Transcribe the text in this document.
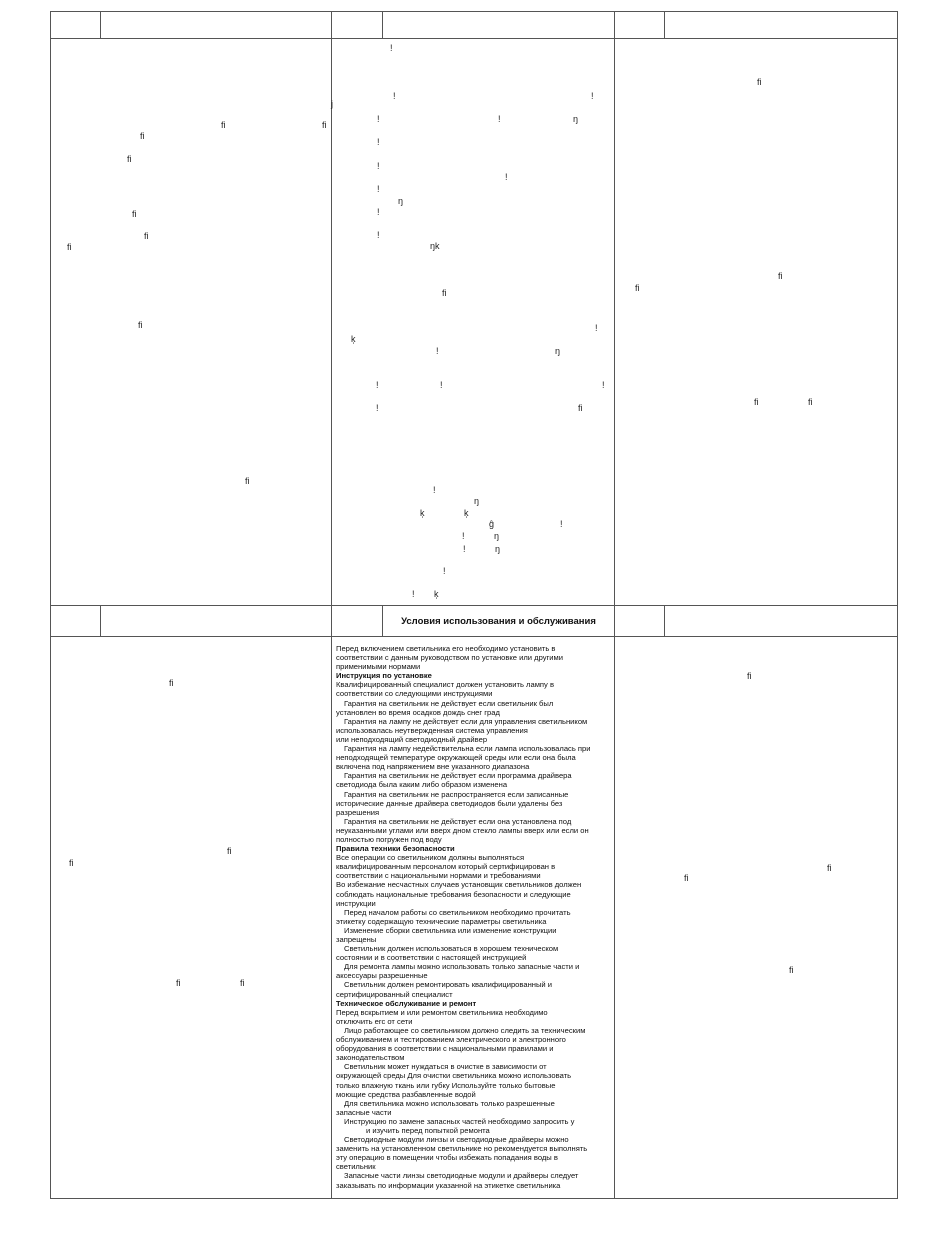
Условия использования и обслуживания
Перед включением светильника его необходимо установить в
соответствии с данным руководством по установке или другими
применимыми нормами
Инструкция по установке
Квалифицированный специалист должен установить лампу в
соответствии со следующими инструкциями
Гарантия на светильник не действует если светильник был
установлен во время осадков дождь снег град
Гарантия на лампу не действует если для управления светильником
использовалась неутвержденная система управления
или неподходящий светодиодный драйвер
Гарантия на лампу недействительна если лампа использовалась при
неподходящей температуре окружающей среды или если она была
включена под напряжением вне указанного диапазона
Гарантия на светильник не действует если программа драйвера
светодиода была каким либо образом изменена
Гарантия на светильник не распространяется если записанные
исторические данные драйвера светодиодов были удалены без
разрешения
Гарантия на светильник не действует если она установлена под
неуказанными углами или вверх дном стекло лампы вверх или если он
полностью погружен под воду
Правила техники безопасности
Все операции со светильником должны выполняться
квалифицированным персоналом который сертифицирован в
соответствии с национальными нормами и требованиями
Во избежание несчастных случаев установщик светильников должен
соблюдать национальные требования безопасности и следующие
инструкции
Перед началом работы со светильником необходимо прочитать
этикетку содержащую технические параметры светильника
Изменение сборки светильника или изменение конструкции
запрещены
Светильник должен использоваться в хорошем техническом
состоянии и в соответствии с настоящей инструкцией
Для ремонта лампы можно использовать только запасные части и
аксессуары разрешенные
Светильник должен ремонтировать квалифицированный и
сертифицированный специалист
Техническое обслуживание и ремонт
Перед вскрытием и или ремонтом светильника необходимо
отключить егс от сети
Лицо работающее со светильником должно следить за техническим
обслуживанием и тестированием электрического и электронного
оборудования в соответствии с национальными правилами и
законодательством
Светильник может нуждаться в очистке в зависимости от
окружающей среды Для очистки светильника можно использовать
только влажную ткань или губку Используйте только бытовые
моющие средства разбавленные водой
Для светильника можно использовать только разрешенные
запасные части
Инструкцию по замене запасных частей необходимо запросить у
и изучить перед попыткой ремонта
Светодиодные модули линзы и светодиодные драйверы можно
заменить на установленном светильнике но рекомендуется выполнять
эту операцию в помещении чтобы избежать попадания воды в
светильник
Запасные части линзы светодиодные модули и драйверы следует
заказывать по информации указанной на этикетке светильника
!
!	!
j
!	!	ŋ
!
!
!
!
ŋ
!
!
ŋk
ﬁ
!
ķ
!	ŋ
!	!	!
!	ﬁ
!
ŋ
ķ	ķ
ĝ	!
!	ŋ
!	ŋ
!
! ķ
ﬁ	ﬁ
ﬁ
ﬁ
ﬁ
ﬁ
ﬁ
ﬁ
ﬁ
ﬁ
ﬁ
ﬁ
ﬁ	ﬁ
ﬁ
ﬁ
ﬁ
ﬁ	ﬁ
ﬁ
ﬁ
ﬁ
ﬁ
